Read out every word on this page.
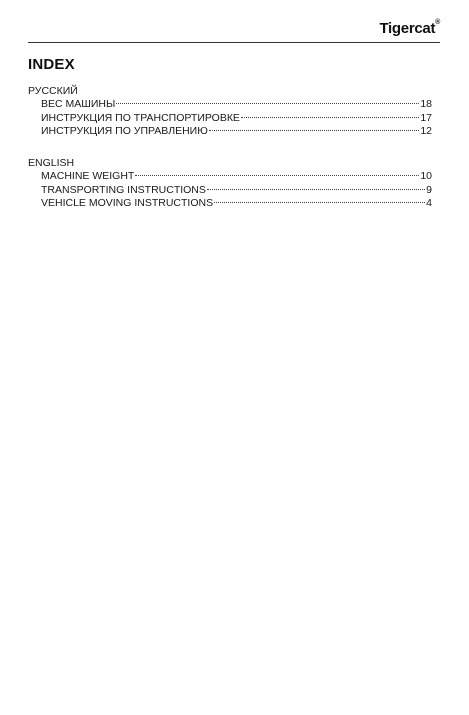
Tigercat®
INDEX
РУССКИЙ
ВЕС МАШИНЫ	18
ИНСТРУКЦИЯ ПО ТРАНСПОРТИРОВКЕ	17
ИНСТРУКЦИЯ ПО УПРАВЛЕНИЮ	12
ENGLISH
MACHINE WEIGHT	10
TRANSPORTING INSTRUCTIONS	9
VEHICLE MOVING INSTRUCTIONS	4
